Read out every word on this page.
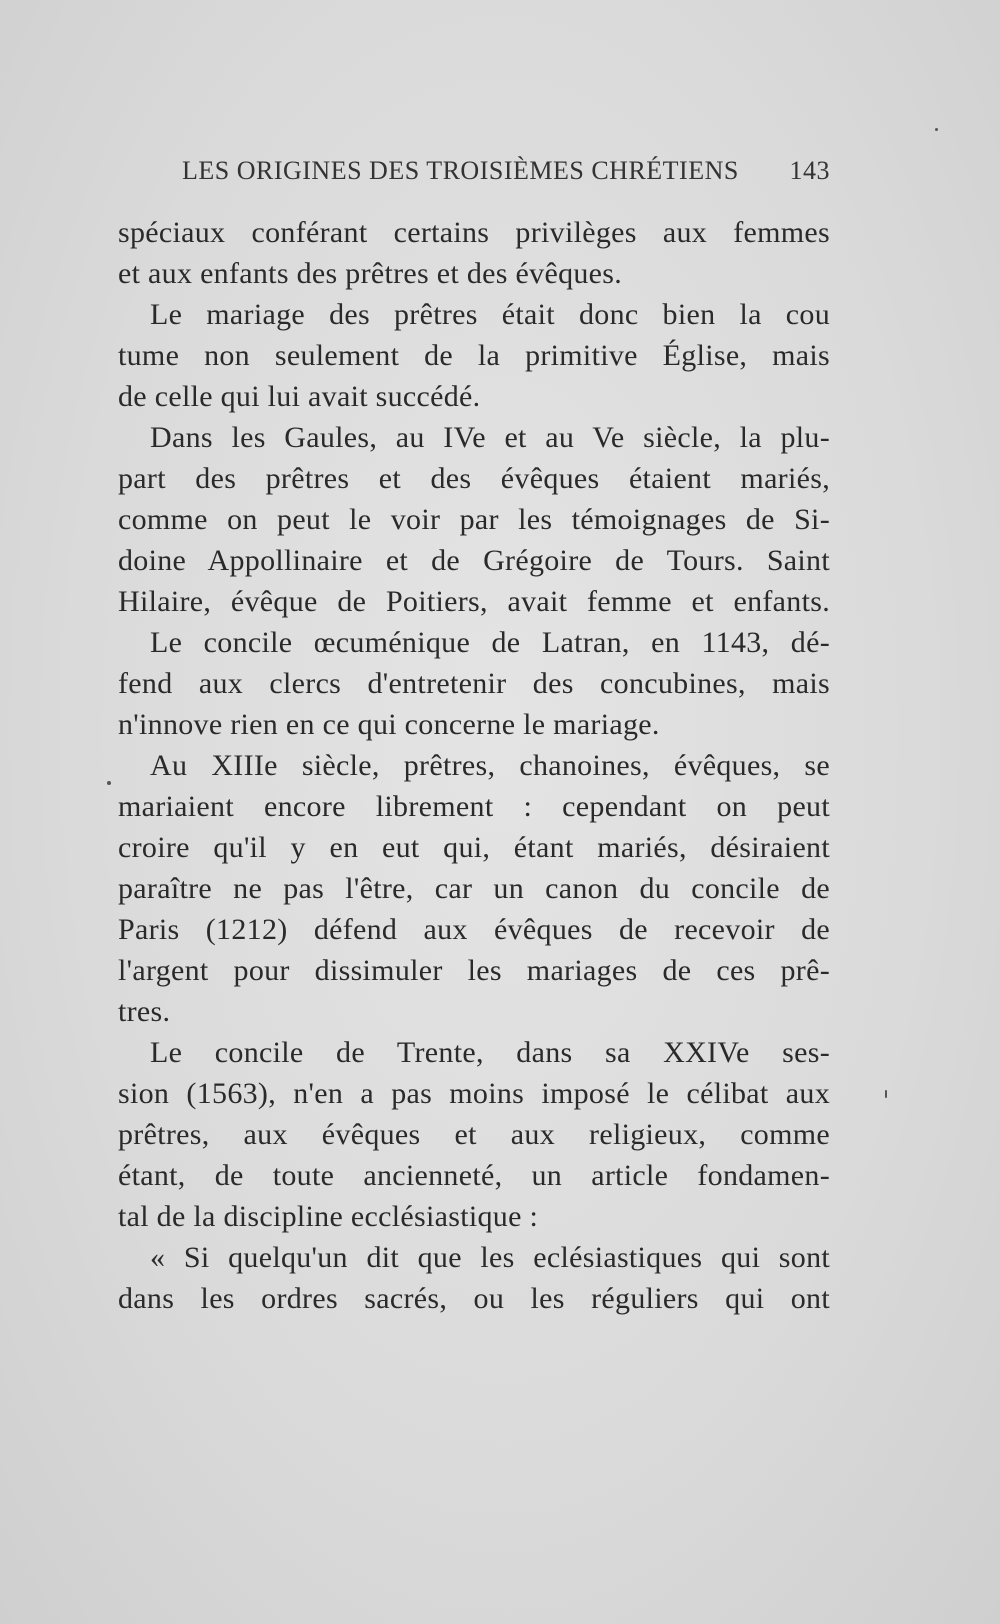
LES ORIGINES DES TROISIÈMES CHRÉTIENS 143
spéciaux conférant certains privilèges aux femmes
et aux enfants des prêtres et des évêques.
Le mariage des prêtres était donc bien la cou
tume non seulement de la primitive Église, mais
de celle qui lui avait succédé.
Dans les Gaules, au IVe et au Ve siècle, la plu-
part des prêtres et des évêques étaient mariés,
comme on peut le voir par les témoignages de Si-
doine Appollinaire et de Grégoire de Tours. Saint
Hilaire, évêque de Poitiers, avait femme et enfants.
Le concile œcuménique de Latran, en 1143, dé-
fend aux clercs d'entretenir des concubines, mais
n'innove rien en ce qui concerne le mariage.
Au XIIIe siècle, prêtres, chanoines, évêques, se
mariaient encore librement : cependant on peut
croire qu'il y en eut qui, étant mariés, désiraient
paraître ne pas l'être, car un canon du concile de
Paris (1212) défend aux évêques de recevoir de
l'argent pour dissimuler les mariages de ces prê-
tres.
Le concile de Trente, dans sa XXIVe ses-
sion (1563), n'en a pas moins imposé le célibat aux
prêtres, aux évêques et aux religieux, comme
étant, de toute ancienneté, un article fondamen-
tal de la discipline ecclésiastique :
« Si quelqu'un dit que les eclésiastiques qui sont
dans les ordres sacrés, ou les réguliers qui ont
